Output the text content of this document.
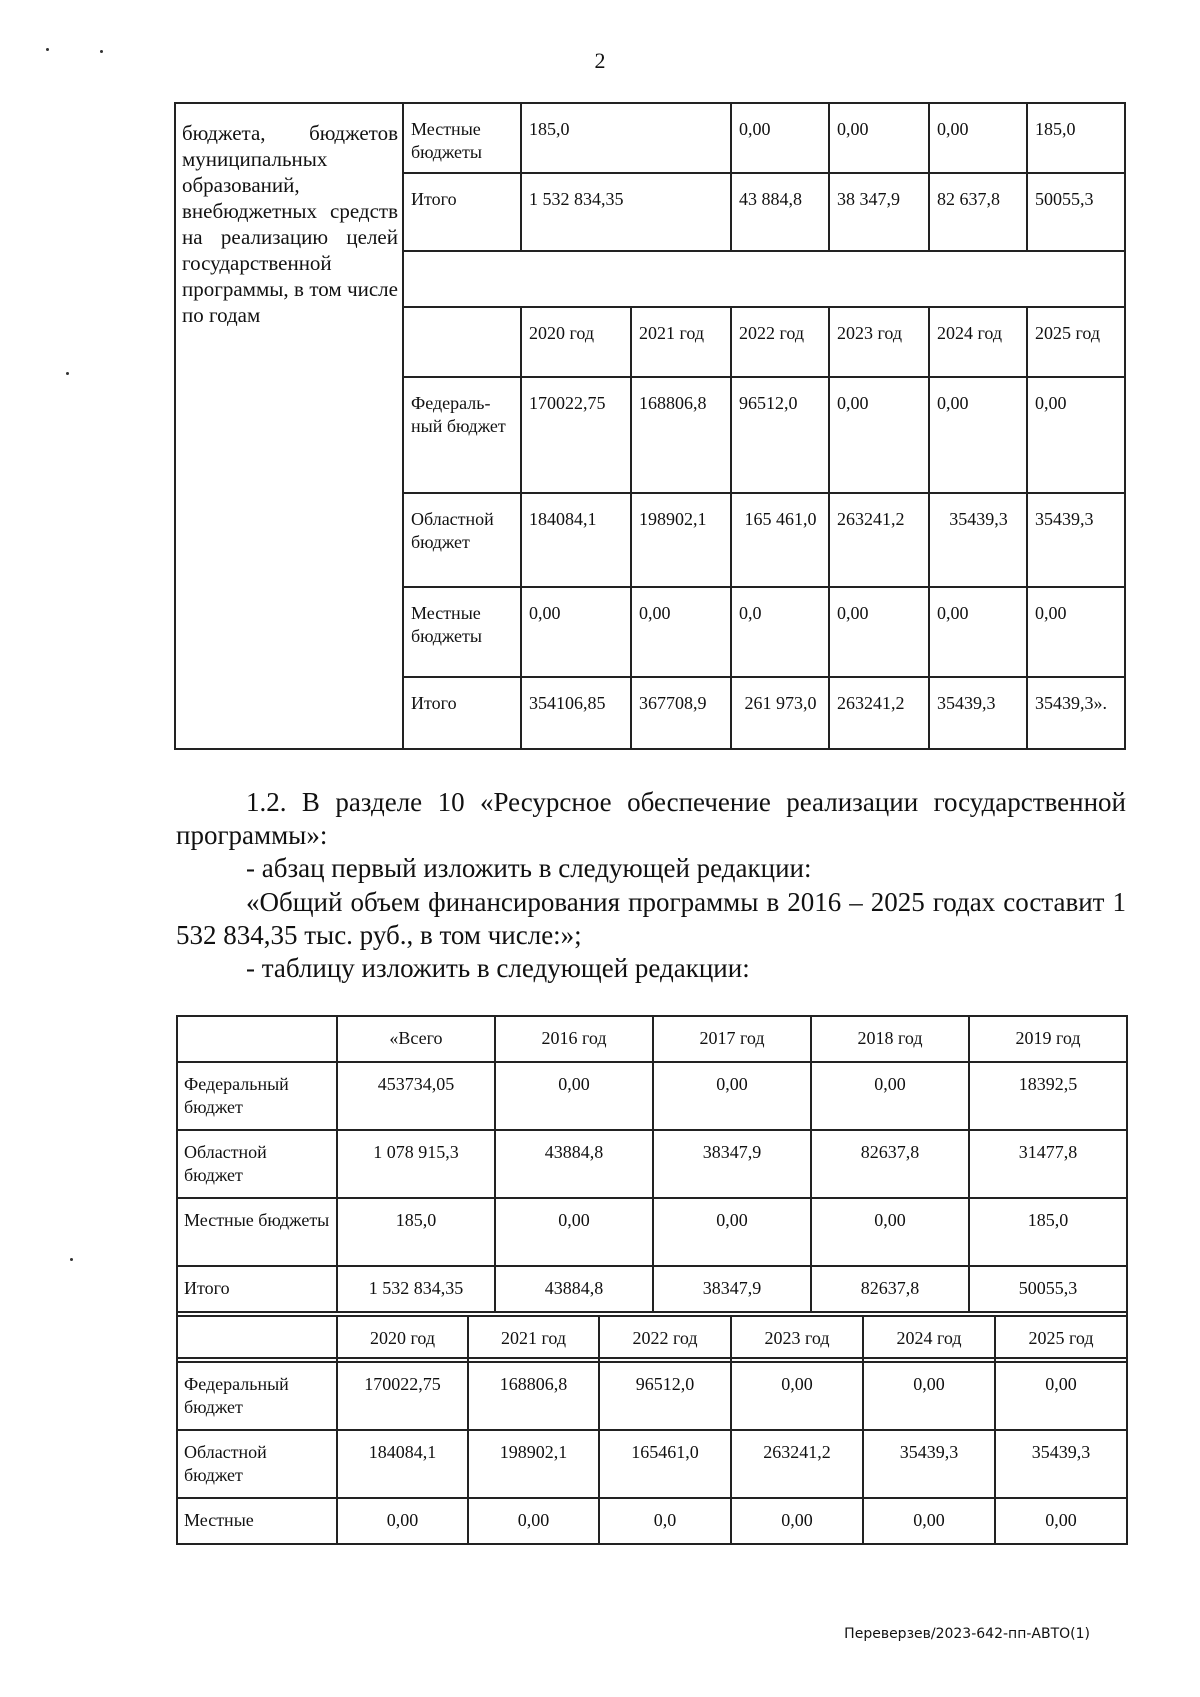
2
бюджета, бюджетов муниципальных образований, внебюджетных средств на реализацию целей государственной программы, в том числе по годам	Местные бюджеты	185,0		0,00	0,00	0,00	185,0
	Итого	1 532 834,35		43 884,8	38 347,9	82 637,8	50055,3

		2020 год	2021 год	2022 год	2023 год	2024 год	2025 год
	Федераль-ный бюджет	170022,75	168806,8	96512,0	0,00	0,00	0,00
	Областной бюджет	184084,1	198902,1	165 461,0	263241,2	35439,3	35439,3
	Местные бюджеты	0,00	0,00	0,0	0,00	0,00	0,00
	Итого	354106,85	367708,9	261 973,0	263241,2	35439,3	35439,3».
1.2. В разделе 10 «Ресурсное обеспечение реализации государственной программы»:
- абзац первый изложить в следующей редакции:
«Общий объем финансирования программы в 2016 – 2025 годах составит 1 532 834,35 тыс. руб., в том числе:»;
- таблицу изложить в следующей редакции:
	«Всего	2016 год	2017 год	2018 год	2019 год
Федеральный бюджет	453734,05	0,00	0,00	0,00	18392,5
Областной бюджет	1 078 915,3	43884,8	38347,9	82637,8	31477,8
Местные бюджеты	185,0	0,00	0,00	0,00	185,0
Итого	1 532 834,35	43884,8	38347,9	82637,8	50055,3

	2020 год	2021 год	2022 год	2023 год	2024 год	2025 год
Федеральный бюджет	170022,75	168806,8	96512,0	0,00	0,00	0,00
Областной бюджет	184084,1	198902,1	165461,0	263241,2	35439,3	35439,3
Местные	0,00	0,00	0,0	0,00	0,00	0,00
Переверзев/2023-642-пп-АВТО(1)
